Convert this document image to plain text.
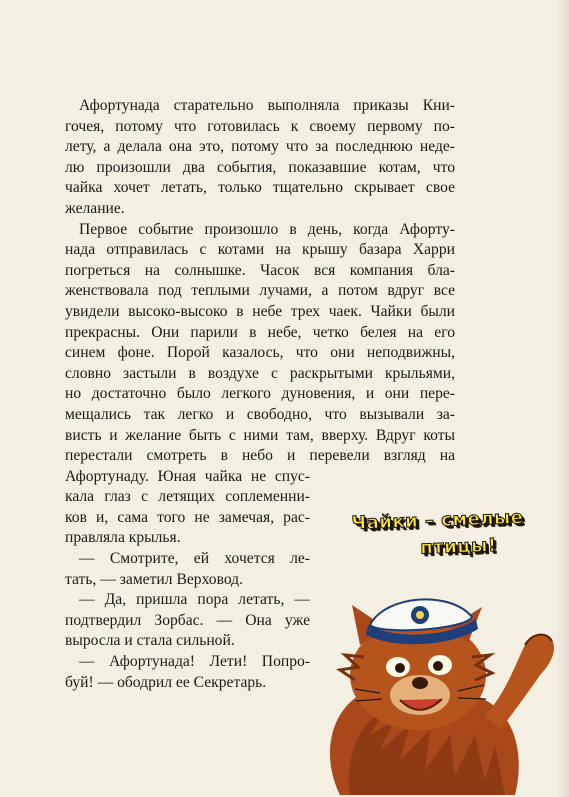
Афортунада старательно выполняла приказы Кни-
гочея, потому что готовилась к своему первому по-
лету, а делала она это, потому что за последнюю неде-
лю произошли два события, показавшие котам, что
чайка хочет летать, только тщательно скрывает свое
желание.

Первое событие произошло в день, когда Афорту-
нада отправилась с котами на крышу базара Харри
погреться на солнышке. Часок вся компания бла-
женствовала под теплыми лучами, а потом вдруг все
увидели высоко-высоко в небе трех чаек. Чайки были
прекрасны. Они парили в небе, четко белея на его
синем фоне. Порой казалось, что они неподвижны,
словно застыли в воздухе с раскрытыми крыльями,
но достаточно было легкого дуновения, и они пере-
мещались так легко и свободно, что вызывали за-
висть и желание быть с ними там, вверху. Вдруг коты
перестали смотреть в небо и перевели взгляд на
Афортунаду. Юная чайка не спус-
кала глаз с летящих соплеменни-
ков и, сама того не замечая, рас-
правляла крылья.

— Смотрите, ей хочется ле-
тать, — заметил Верховод.

— Да, пришла пора летать, —
подтвердил Зорбас. — Она уже
выросла и стала сильной.

— Афортунада! Лети! Попро-
буй! — ободрил ее Секретарь.

Чайки – смелые
птицы!
